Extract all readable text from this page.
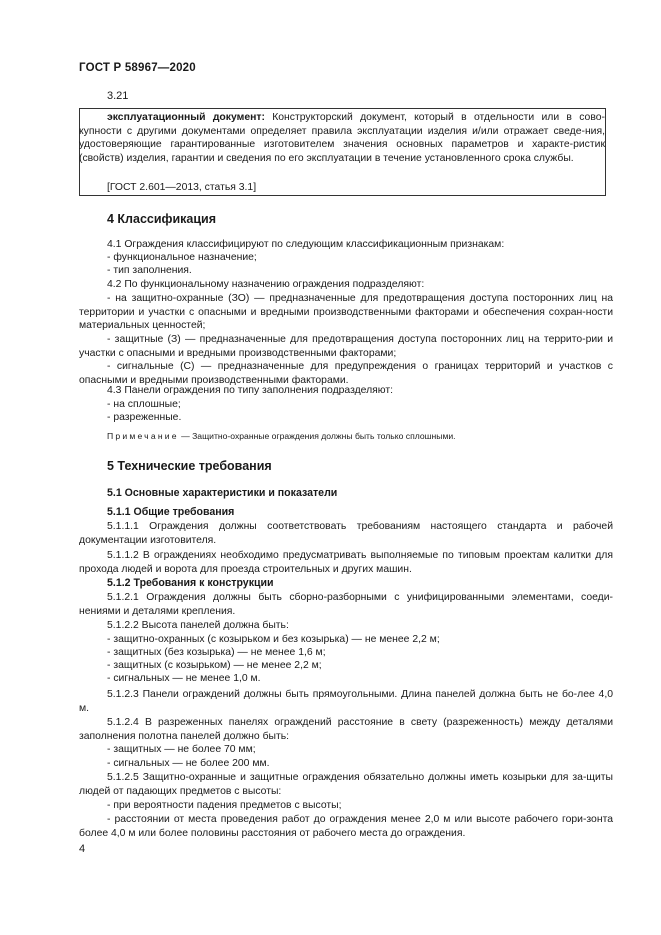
ГОСТ Р 58967—2020
3.21

эксплуатационный документ: Конструкторский документ, который в отдельности или в сово- купности с другими документами определяет правила эксплуатации изделия и/или отражает сведе-ния, удостоверяющие гарантированные изготовителем значения основных параметров и характе-ристик (свойств) изделия, гарантии и сведения по его эксплуатации в течение установленного срока службы.

[ГОСТ 2.601—2013, статья 3.1]
4 Классификация

4.1 Ограждения классифицируют по следующим классификационным признакам:

- функциональное назначение;

- тип заполнения.

4.2 По функциональному назначению ограждения подразделяют:

- на защитно-охранные (ЗО) — предназначенные для предотвращения доступа посторонних лиц на территории и участки с опасными и вредными производственными факторами и обеспечения сохран-ности материальных ценностей;

- защитные (З) — предназначенные для предотвращения доступа посторонних лиц на террито-рии и участки с опасными и вредными производственными факторами;

- сигнальные (С) — предназначенные для предупреждения о границах территорий и участков с опасными и вредными производственными факторами.

4.3 Панели ограждения по типу заполнения подразделяют:

- на сплошные;

- разреженные.

Примечание — Защитно-охранные ограждения должны быть только сплошными.
5 Технические требования
5.1 Основные характеристики и показатели
5.1.1 Общие требования

5.1.1.1 Ограждения должны соответствовать требованиям настоящего стандарта и рабочей документации изготовителя.

5.1.1.2 В ограждениях необходимо предусматривать выполняемые по типовым проектам калитки для прохода людей и ворота для проезда строительных и других машин.

5.1.2 Требования к конструкции

5.1.2.1 Ограждения должны быть сборно-разборными с унифицированными элементами, соеди-нениями и деталями крепления.

5.1.2.2 Высота панелей должна быть:

- защитно-охранных (с козырьком и без козырька) — не менее 2,2 м;

- защитных (без козырька) — не менее 1,6 м;

- защитных (с козырьком) — не менее 2,2 м;

- сигнальных — не менее 1,0 м.

5.1.2.3 Панели ограждений должны быть прямоугольными. Длина панелей должна быть не бо-лее 4,0 м.

5.1.2.4 В разреженных панелях ограждений расстояние в свету (разреженность) между деталями заполнения полотна панелей должно быть:

- защитных — не более 70 мм;

- сигнальных — не более 200 мм.

5.1.2.5 Защитно-охранные и защитные ограждения обязательно должны иметь козырьки для за-щиты людей от падающих предметов с высоты:

- при вероятности падения предметов с высоты;

- расстоянии от места проведения работ до ограждения менее 2,0 м или высоте рабочего гори-зонта более 4,0 м или более половины расстояния от рабочего места до ограждения.

4
